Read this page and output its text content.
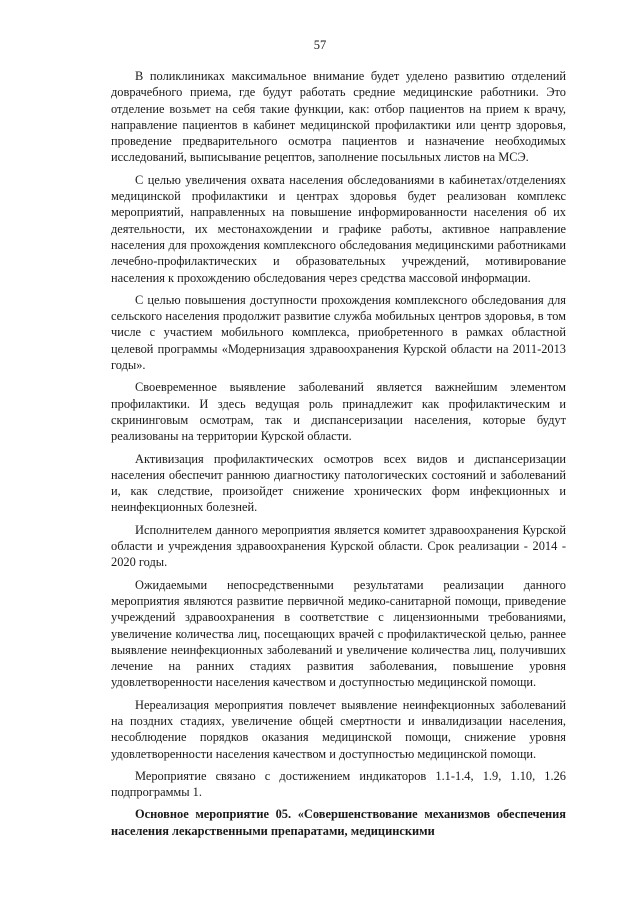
57

В поликлиниках максимальное внимание будет уделено развитию отделений доврачебного приема, где будут работать средние медицинские работники. Это отделение возьмет на себя такие функции, как: отбор пациентов на прием к врачу, направление пациентов в кабинет медицинской профилактики или центр здоровья, проведение предварительного осмотра пациентов и назначение необходимых исследований, выписывание рецептов, заполнение посыльных листов на МСЭ.

С целью увеличения охвата населения обследованиями в кабинетах/отделениях медицинской профилактики и центрах здоровья будет реализован комплекс мероприятий, направленных на повышение информированности населения об их деятельности, их местонахождении и графике работы, активное направление населения для прохождения комплексного обследования медицинскими работниками лечебно-профилактических и образовательных учреждений, мотивирование населения к прохождению обследования через средства массовой информации.

С целью повышения доступности прохождения комплексного обследования для сельского населения продолжит развитие служба мобильных центров здоровья, в том числе с участием мобильного комплекса, приобретенного в рамках областной целевой программы «Модернизация здравоохранения Курской области на 2011-2013 годы».

Своевременное выявление заболеваний является важнейшим элементом профилактики. И здесь ведущая роль принадлежит как профилактическим и скрининговым осмотрам, так и диспансеризации населения, которые будут реализованы на территории Курской области.

Активизация профилактических осмотров всех видов и диспансеризации населения обеспечит раннюю диагностику патологических состояний и заболеваний и, как следствие, произойдет снижение хронических форм инфекционных и неинфекционных болезней.

Исполнителем данного мероприятия является комитет здравоохранения Курской области и учреждения здравоохранения Курской области. Срок реализации - 2014 - 2020 годы.

Ожидаемыми непосредственными результатами реализации данного мероприятия являются развитие первичной медико-санитарной помощи, приведение учреждений здравоохранения в соответствие с лицензионными требованиями, увеличение количества лиц, посещающих врачей с профилактической целью, раннее выявление неинфекционных заболеваний и увеличение количества лиц, получивших лечение на ранних стадиях развития заболевания, повышение уровня удовлетворенности населения качеством и доступностью медицинской помощи.

Нереализация мероприятия повлечет выявление неинфекционных заболеваний на поздних стадиях, увеличение общей смертности и инвалидизации населения, несоблюдение порядков оказания медицинской помощи, снижение уровня удовлетворенности населения качеством и доступностью медицинской помощи.

Мероприятие связано с достижением индикаторов 1.1-1.4, 1.9, 1.10, 1.26 подпрограммы 1.

Основное мероприятие 05. «Совершенствование механизмов обеспечения населения лекарственными препаратами, медицинскими
